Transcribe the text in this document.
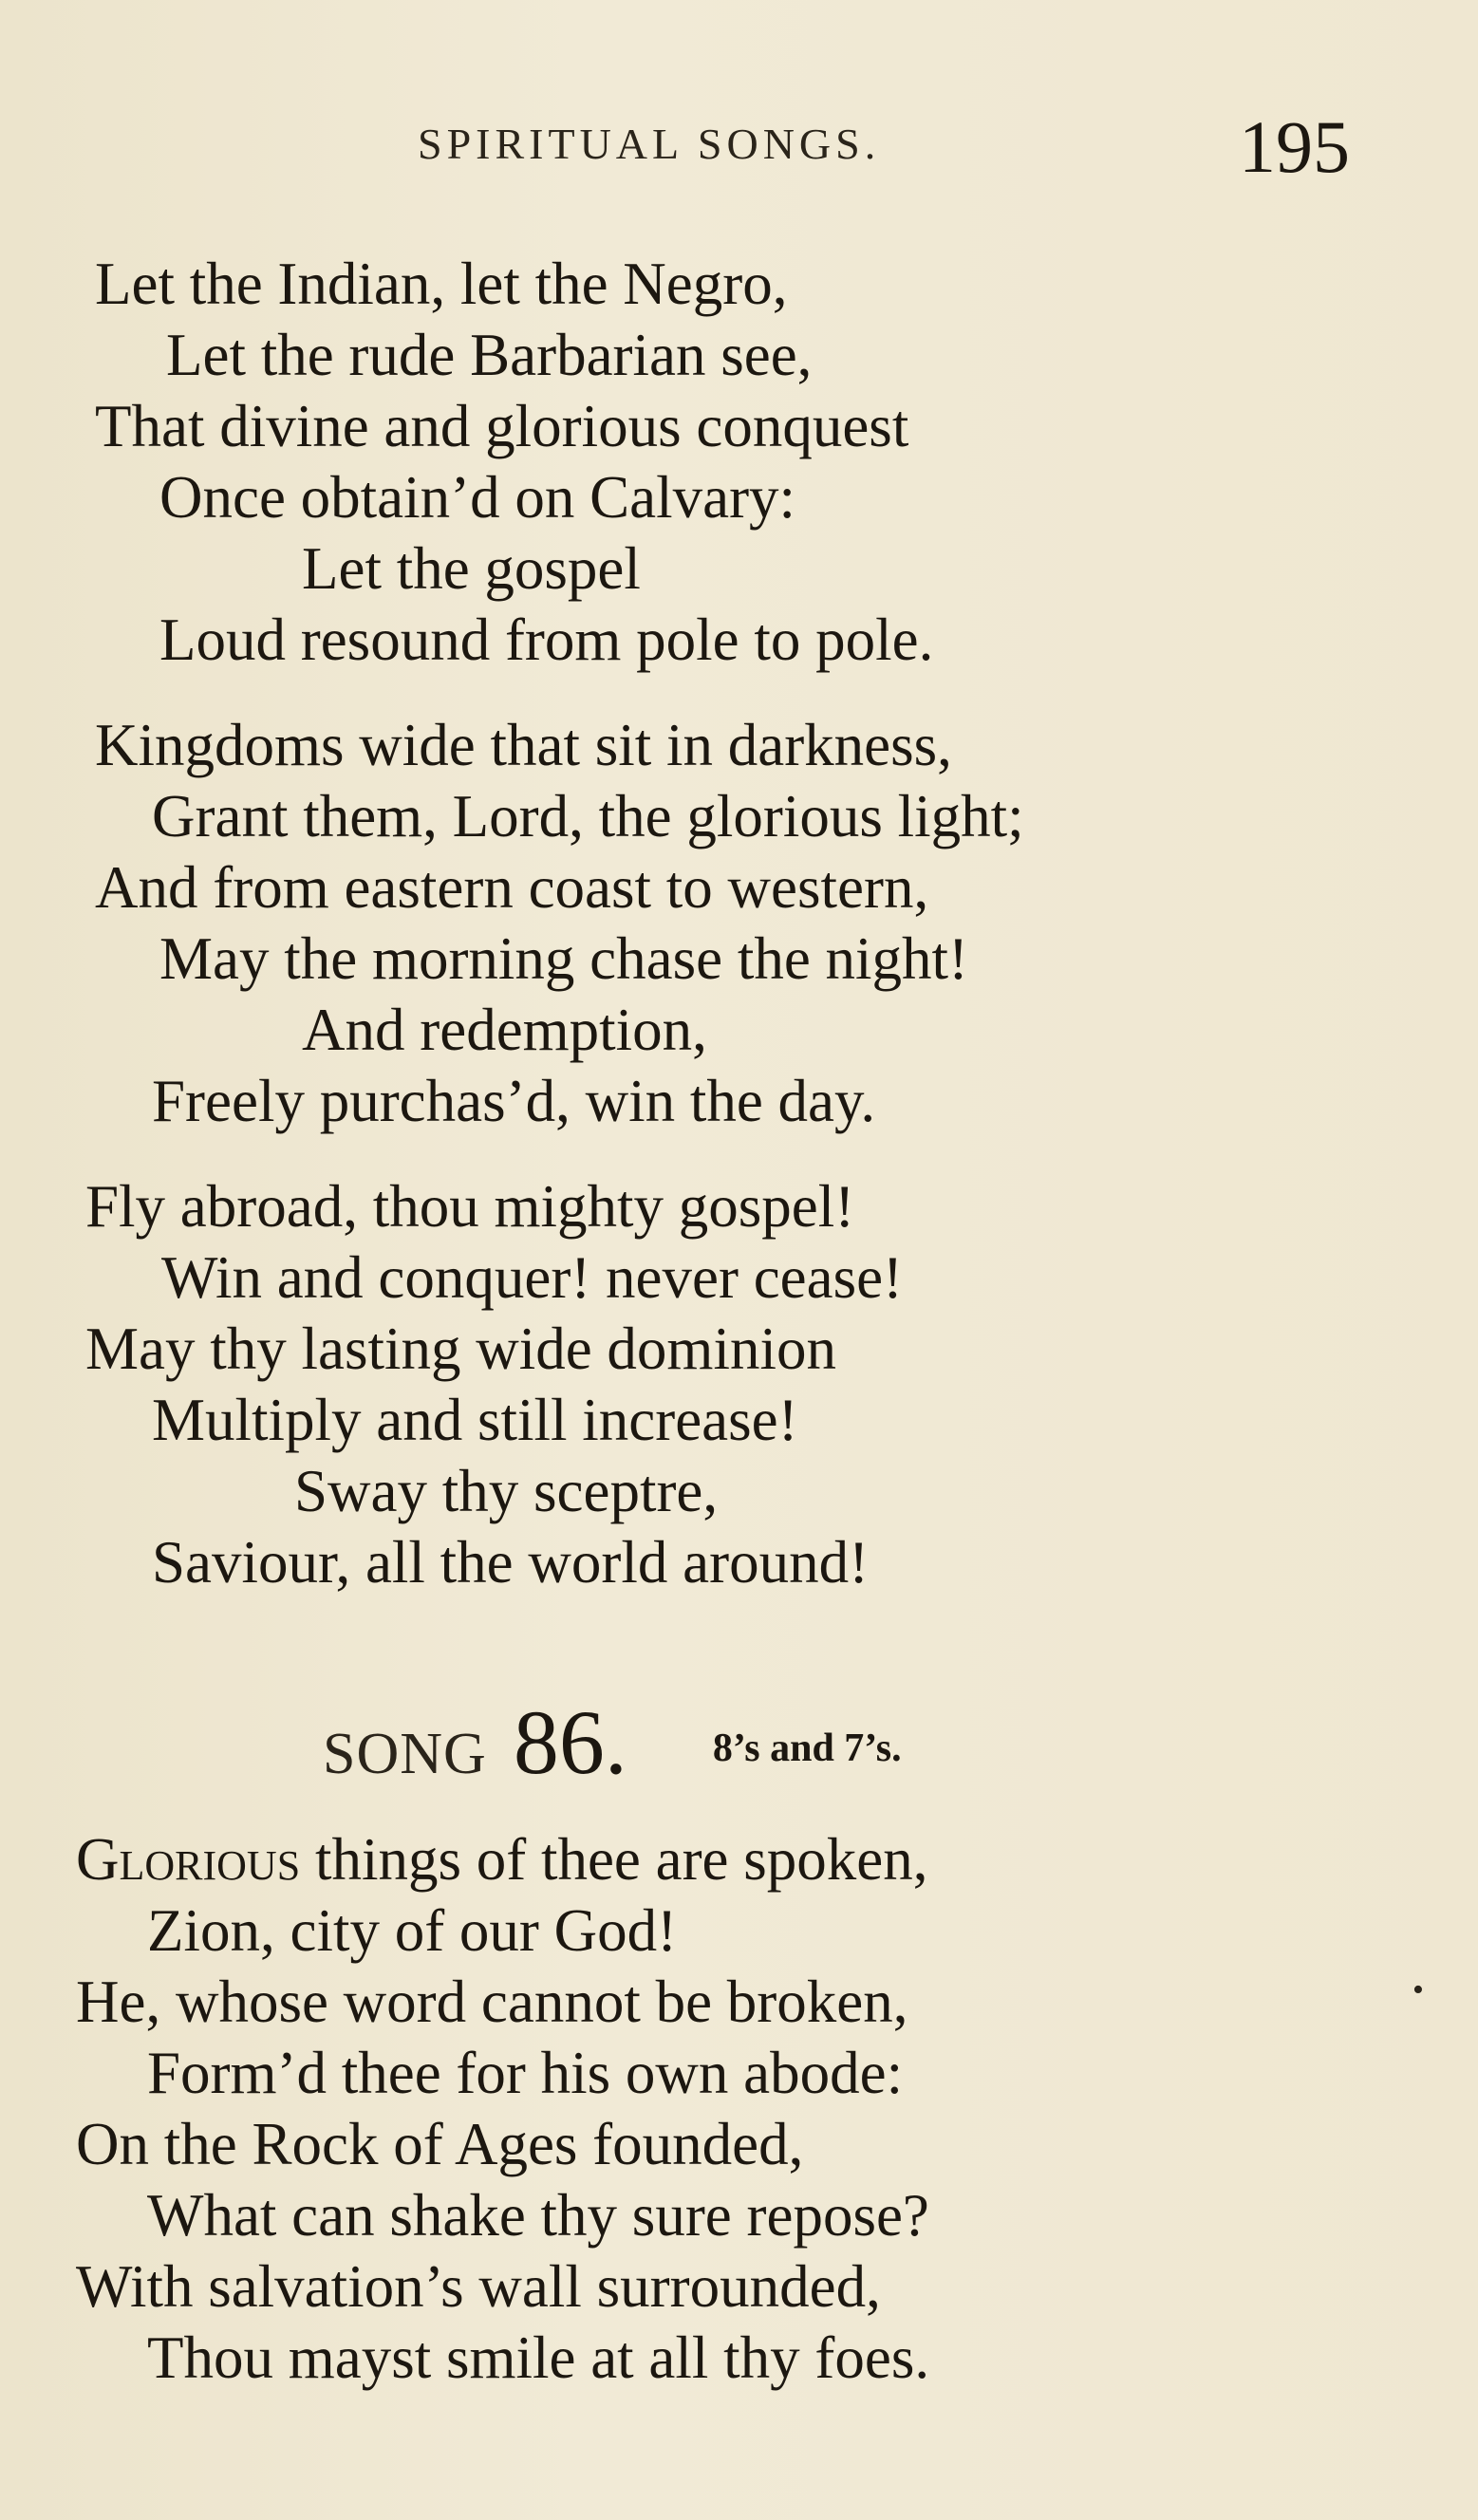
SPIRITUAL SONGS.	195
Let the Indian, let the Negro,
Let the rude Barbarian see,
That divine and glorious conquest
Once obtain’d on Calvary:
Let the gospel
Loud resound from pole to pole.
Kingdoms wide that sit in darkness,
Grant them, Lord, the glorious light;
And from eastern coast to western,
May the morning chase the night!
And redemption,
Freely purchas’d, win the day.
Fly abroad, thou mighty gospel!
Win and conquer! never cease!
May thy lasting wide dominion
Multiply and still increase!
Sway thy sceptre,
Saviour, all the world around!
SONG 86. 8’s and 7’s.
Glorious things of thee are spoken,
Zion, city of our God!
He, whose word cannot be broken,
Form’d thee for his own abode:
On the Rock of Ages founded,
What can shake thy sure repose?
With salvation’s wall surrounded,
Thou mayst smile at all thy foes.
•
